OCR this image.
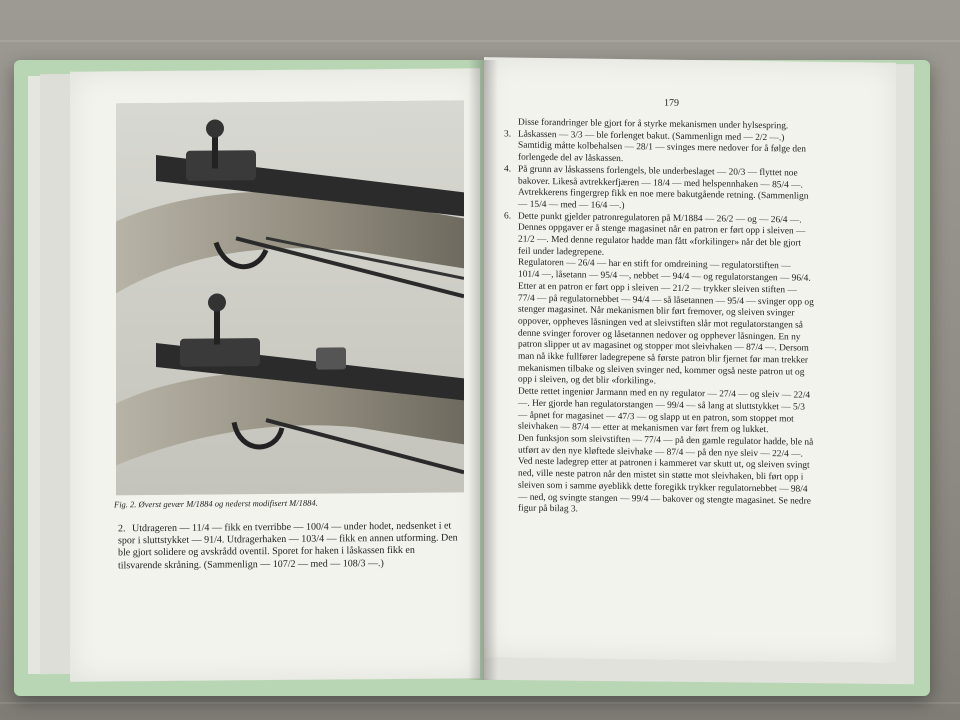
Fig. 2. Øverst gevær M/1884 og nederst modifisert M/1884.
2. Utdrageren — 11/4 — fikk en tverribbe — 100/4 — under hodet, nedsenket i et spor i sluttstykket — 91/4. Utdragerhaken — 103/4 — fikk en annen utforming. Den ble gjort solidere og avskrådd oventil. Sporet for haken i låskassen fikk en tilsvarende skråning. (Sammenlign — 107/2 — med — 108/3 —.)
179

Disse forandringer ble gjort for å styrke mekanismen under hylsespring.

3. Låskassen — 3/3 — ble forlenget bakut. (Sammenlign med — 2/2 —.) Samtidig måtte kolbehalsen — 28/1 — svinges mere nedover for å følge den forlengede del av låskassen.

4. På grunn av låskassens forlengels, ble underbeslaget — 20/3 — flyttet noe bakover. Likeså avtrekkerfjæren — 18/4 — med helspennhaken — 85/4 —. Avtrekkerens fingergrep fikk en noe mere bakutgående retning. (Sammenlign — 15/4 — med — 16/4 —.)

6. Dette punkt gjelder patronregulatoren på M/1884 — 26/2 — og — 26/4 —. Dennes oppgaver er å stenge magasinet når en patron er ført opp i sleiven — 21/2 —. Med denne regulator hadde man fått «forkilinger» når det ble gjort feil under ladegrepene.

Regulatoren — 26/4 — har en stift for omdreining — regulatorstiften — 101/4 —, låsetann — 95/4 —, nebbet — 94/4 — og regulatorstangen — 96/4.

Etter at en patron er ført opp i sleiven — 21/2 — trykker sleiven stiften — 77/4 — på regulatornebbet — 94/4 — så låsetannen — 95/4 — svinger opp og stenger magasinet. Når mekanismen blir ført fremover, og sleiven svinger oppover, oppheves lås​ningen ved at sleivstiften slår mot regulatorstangen så denne svinger forover og låsetannen nedover og opphever låsningen. En ny patron slipper ut av magasinet og stopper mot sleivhaken — 87/4 —. Dersom man nå ikke fullfører ladegrepene så første patron blir fjernet før man trekker mekanismen tilbake og sleiven svinger ned, kommer også neste patron ut og opp i sleiven, og det blir «forkiling».

Dette rettet ingeniør Jarmann med en ny regulator — 27/4 — og sleiv — 22/4 —. Her gjorde han regulatorstangen — 99/4 — så lang at sluttstykket — 5/3 — åpnet for magasinet — 47/3 — og slapp ut en patron, som stoppet mot sleivhaken — 87/4 — etter at mekanismen var ført frem og lukket.

Den funksjon som sleivstiften — 77/4 — på den gamle regulator hadde, ble nå utført av den nye kløftede sleivhake — 87/4 — på den nye sleiv — 22/4 —. Ved neste ladegrep etter at patronen i kammeret var skutt ut, og sleiven svingt ned, ville neste patron når den mistet sin støtte mot sleivhaken, bli ført opp i sleiven som i samme øyeblikk dette foregikk trykker regulatornebbet — 98/4 — ned, og svingte stangen — 99/4 — bakover og stengte magasinet. Se nedre figur på bilag 3.
